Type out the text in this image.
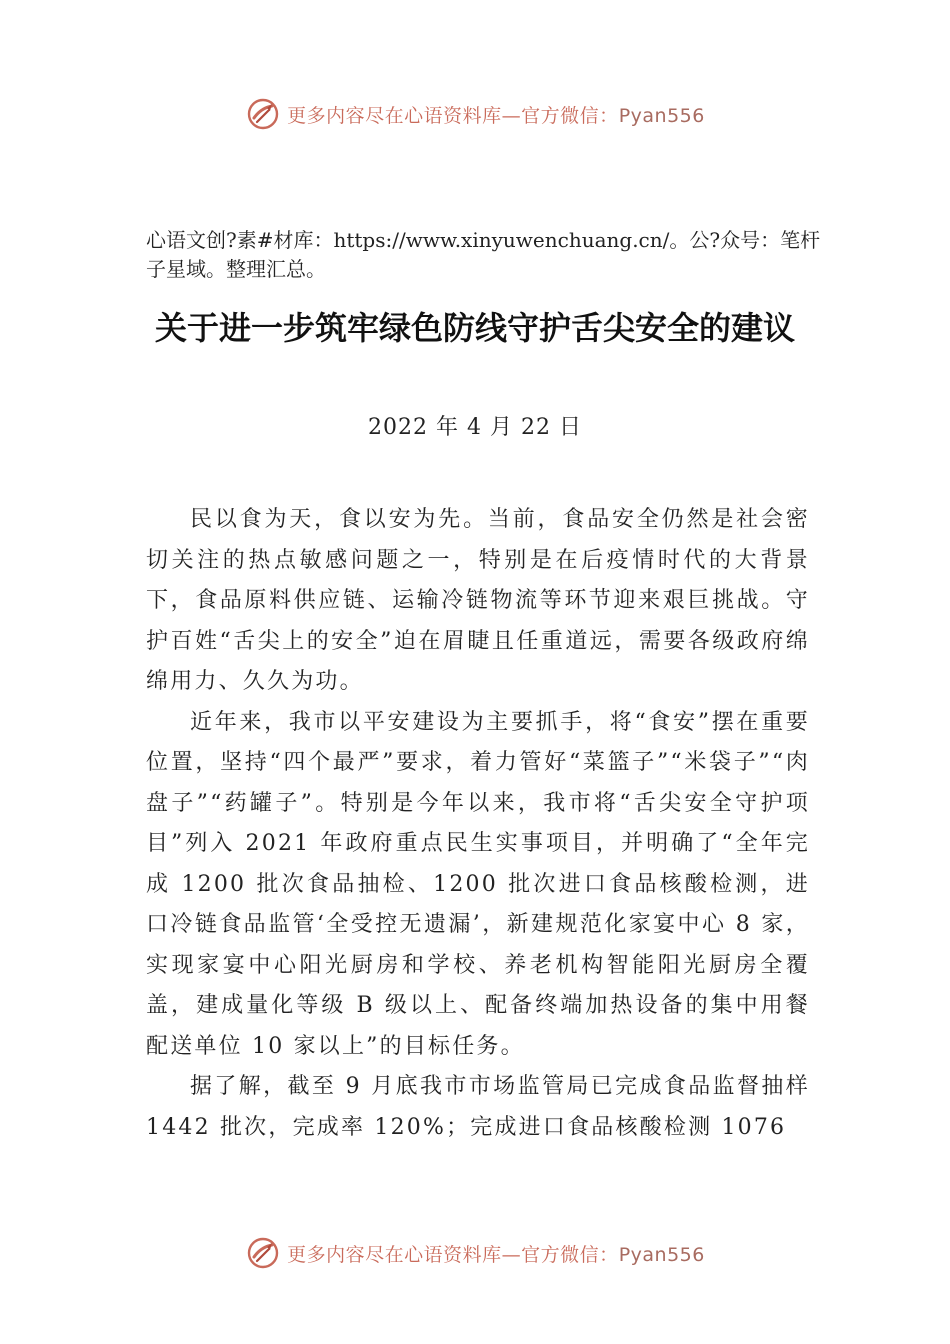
更多内容尽在心语资料库—官方微信：Pyan556
心语文创?素#材库：https://www.xinyuwenchuang.cn/。公?众号：笔杆子星域。整理汇总。
关于进一步筑牢绿色防线守护舌尖安全的建议
2022 年 4 月 22 日

民以食为天，食以安为先。当前，食品安全仍然是社会密切关注的热点敏感问题之一，特别是在后疫情时代的大背景下，食品原料供应链、运输冷链物流等环节迎来艰巨挑战。守护百姓“舌尖上的安全”迫在眉睫且任重道远，需要各级政府绵绵用力、久久为功。

近年来，我市以平安建设为主要抓手，将“食安”摆在重要位置，坚持“四个最严”要求，着力管好“菜篮子”“米袋子”“肉盘子”“药罐子”。特别是今年以来，我市将“舌尖安全守护项目”列入 2021 年政府重点民生实事项目，并明确了“全年完成 1200 批次食品抽检、1200 批次进口食品核酸检测，进口冷链食品监管‘全受控无遗漏’，新建规范化家宴中心 8 家，实现家宴中心阳光厨房和学校、养老机构智能阳光厨房全覆盖，建成量化等级 B 级以上、配备终端加热设备的集中用餐配送单位 10 家以上”的目标任务。

据了解，截至 9 月底我市市场监管局已完成食品监督抽样 1442 批次，完成率 120%；完成进口食品核酸检测 1076

更多内容尽在心语资料库—官方微信：Pyan556
